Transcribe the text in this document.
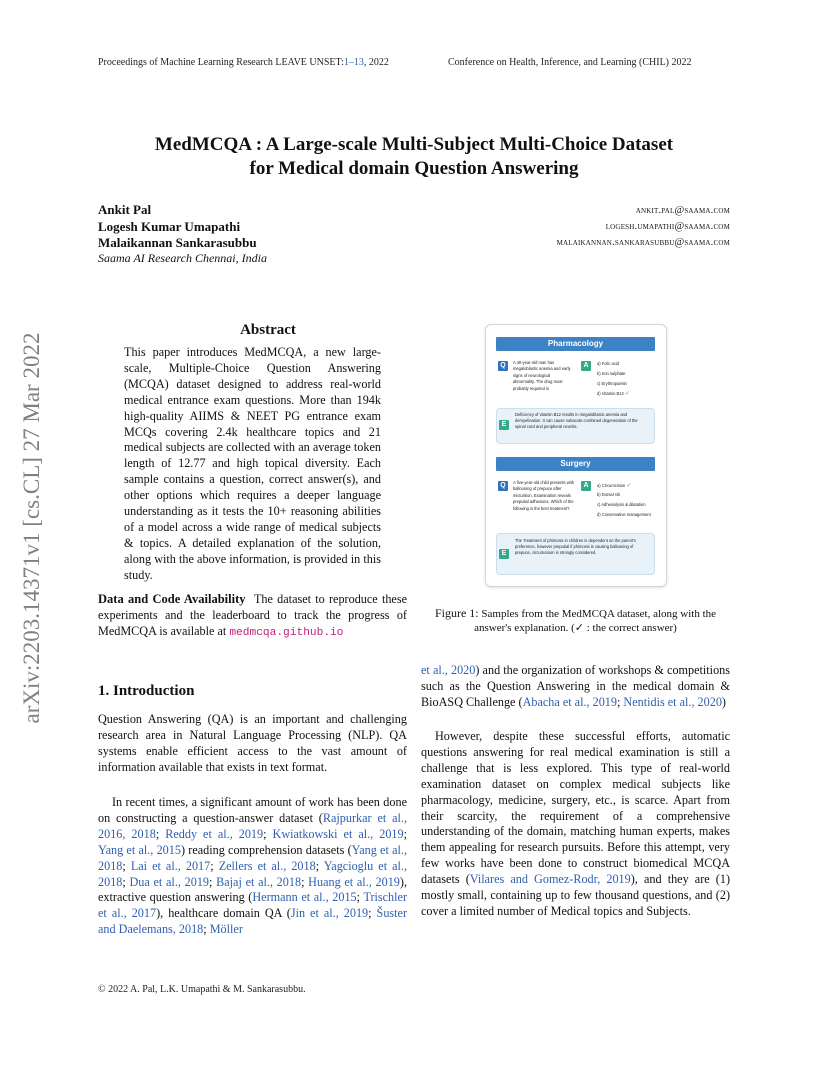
Proceedings of Machine Learning Research LEAVE UNSET:1–13, 2022	Conference on Health, Inference, and Learning (CHIL) 2022
MedMCQA : A Large-scale Multi-Subject Multi-Choice Dataset
for Medical domain Question Answering
Ankit Pal
Logesh Kumar Umapathi
Malaikannan Sankarasubbu
ankit.pal@saama.com
logesh.umapathi@saama.com
malaikannan.sankarasubbu@saama.com
Saama AI Research Chennai, India
arXiv:2203.14371v1 [cs.CL] 27 Mar 2022
Abstract
This paper introduces MedMCQA, a new large-scale, Multiple-Choice Question Answering (MCQA) dataset designed to address real-world medical entrance exam questions. More than 194k high-quality AIIMS & NEET PG entrance exam MCQs covering 2.4k healthcare topics and 21 medical subjects are collected with an average token length of 12.77 and high topical diversity. Each sample contains a question, correct answer(s), and other options which requires a deeper language understanding as it tests the 10+ reasoning abilities of a model across a wide range of medical subjects & topics. A detailed explanation of the solution, along with the above information, is provided in this study.
Data and Code Availability The dataset to reproduce these experiments and the leaderboard to track the progress of MedMCQA is available at medmcqa.github.io
1. Introduction
Question Answering (QA) is an important and challenging research area in Natural Language Processing (NLP). QA systems enable efficient access to the vast amount of information available that exists in text format.
In recent times, a significant amount of work has been done on constructing a question-answer dataset (Rajpurkar et al., 2016, 2018; Reddy et al., 2019; Kwiatkowski et al., 2019; Yang et al., 2015) reading comprehension datasets (Yang et al., 2018; Lai et al., 2017; Zellers et al., 2018; Yagcioglu et al., 2018; Dua et al., 2019; Bajaj et al., 2018; Huang et al., 2019), extractive question answering (Hermann et al., 2015; Trischler et al., 2017), healthcare domain QA (Jin et al., 2019; Šuster and Daelemans, 2018; Möller
et al., 2020) and the organization of workshops & competitions such as the Question Answering in the medical domain & BioASQ Challenge (Abacha et al., 2019; Nentidis et al., 2020)
However, despite these successful efforts, automatic questions answering for real medical examination is still a challenge that is less explored. This type of real-world examination dataset on complex medical subjects like pharmacology, medicine, surgery, etc., is scarce. Apart from their scarcity, the requirement of a comprehensive understanding of the domain, matching human experts, makes them appealing for research pursuits. Before this attempt, very few works have been done to construct biomedical MCQA datasets (Vilares and Gomez-Rodr, 2019), and they are (1) mostly small, containing up to few thousand questions, and (2) cover a limited number of Medical topics and Subjects.
Pharmacology
Q	A 40-year-old man has megaloblastic anemia and early signs of neurological abnormality. The drug most probably required is
A	a) Folic acid
b) Iron sulphate
c) Erythropoietin
d) Vitamin B12 ✓
E
Deficiency of vitamin B12 results in megaloblastic anemia and demyelination. It can cause subacute combined degeneration of the spinal cord and peripheral neuritis.
Surgery
Q	A five-year-old child presents with ballooning of prepuce after micturition. Examination reveals preputial adhesions. Which of the following is the best treatment?
A	a) Circumcision ✓
b) Dorsal slit
c) Adhesiolysis & dilatation
d) Conservative management
E
The Treatment of phimosis in children is dependent on the parent's preference, however preputial if phimosis is causing ballooning of prepuce, circumcision is strongly considered.
Figure 1: Samples from the MedMCQA dataset, along with the answer's explanation. (✓ : the correct answer)
© 2022 A. Pal, L.K. Umapathi & M. Sankarasubbu.
